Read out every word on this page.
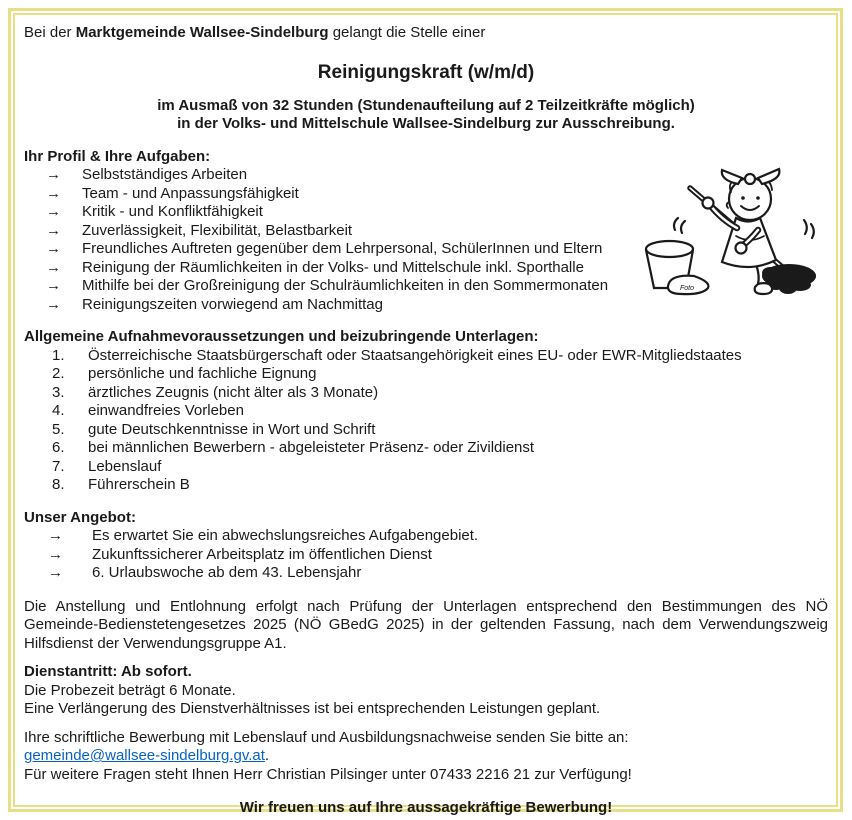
Bei der Marktgemeinde Wallsee-Sindelburg gelangt die Stelle einer

Reinigungskraft (w/m/d)
im Ausmaß von 32 Stunden (Stundenaufteilung auf 2 Teilzeitkräfte möglich)
in der Volks- und Mittelschule Wallsee-Sindelburg zur Ausschreibung.
Ihr Profil & Ihre Aufgaben:
→	Selbstständiges Arbeiten
→	Team - und Anpassungsfähigkeit
→	Kritik - und Konfliktfähigkeit
→	Zuverlässigkeit, Flexibilität, Belastbarkeit
→	Freundliches Auftreten gegenüber dem Lehrpersonal, SchülerInnen und Eltern
→	Reinigung der Räumlichkeiten in der Volks- und Mittelschule inkl. Sporthalle
→	Mithilfe bei der Großreinigung der Schulräumlichkeiten in den Sommermonaten
→	Reinigungszeiten vorwiegend am Nachmittag
Allgemeine Aufnahmevoraussetzungen und beizubringende Unterlagen:
1.	Österreichische Staatsbürgerschaft oder Staatsangehörigkeit eines EU- oder EWR-Mitgliedstaates
2.	persönliche und fachliche Eignung
3.	ärztliches Zeugnis (nicht älter als 3 Monate)
4.	einwandfreies Vorleben
5.	gute Deutschkenntnisse in Wort und Schrift
6.	bei männlichen Bewerbern - abgeleisteter Präsenz- oder Zivildienst
7.	Lebenslauf
8.	Führerschein B
Unser Angebot:
→	Es erwartet Sie ein abwechslungsreiches Aufgabengebiet.
→	Zukunftssicherer Arbeitsplatz im öffentlichen Dienst
→	6. Urlaubswoche ab dem 43. Lebensjahr

Die Anstellung und Entlohnung erfolgt nach Prüfung der Unterlagen entsprechend den Bestimmungen des NÖ Gemeinde-Bedienstetengesetzes 2025 (NÖ GBedG 2025) in der geltenden Fassung, nach dem Verwendungszweig Hilfsdienst der Verwendungsgruppe A1.

Dienstantritt: Ab sofort.

Die Probezeit beträgt 6 Monate.

Eine Verlängerung des Dienstverhältnisses ist bei entsprechenden Leistungen geplant.

Ihre schriftliche Bewerbung mit Lebenslauf und Ausbildungsnachweise senden Sie bitte an:

gemeinde@wallsee-sindelburg.gv.at.

Für weitere Fragen steht Ihnen Herr Christian Pilsinger unter 07433 2216 21 zur Verfügung!

Wir freuen uns auf Ihre aussagekräftige Bewerbung!

Foto
